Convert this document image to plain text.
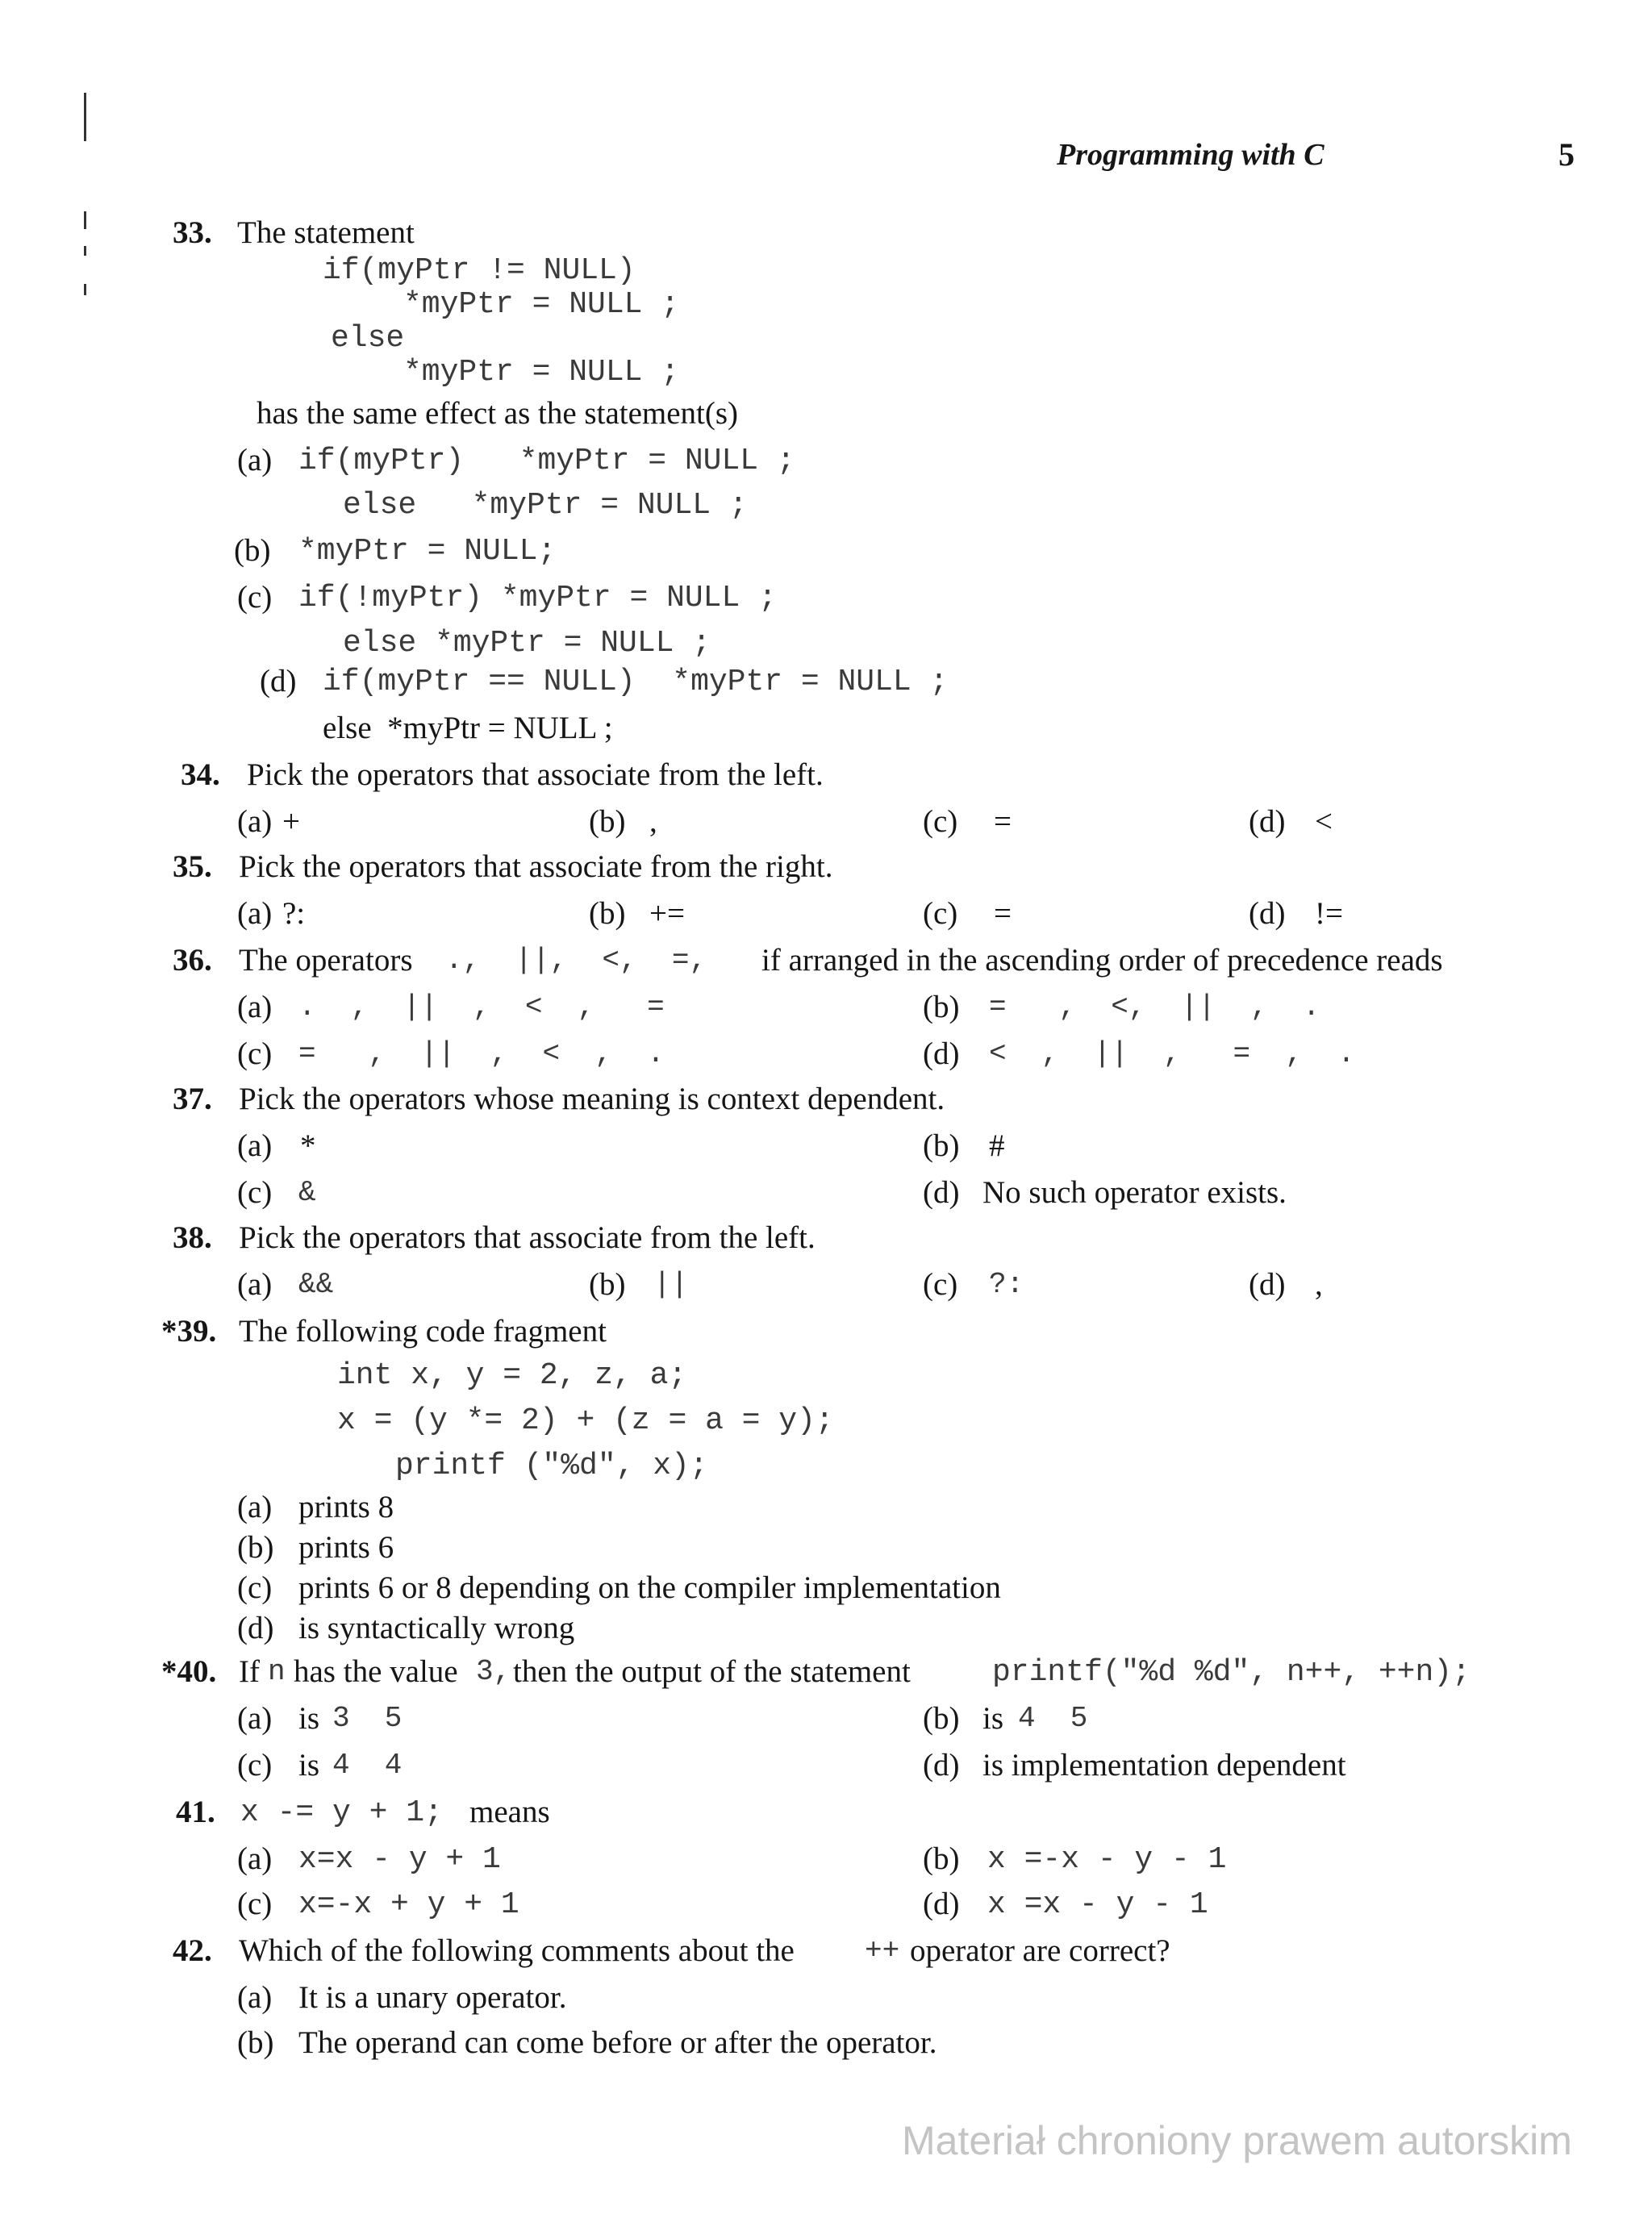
Programming with C	5
33. The statement
if(myPtr != NULL)
*myPtr = NULL ;
else
*myPtr = NULL ;
has the same effect as the statement(s)
(a) if(myPtr)   *myPtr = NULL ;
else   *myPtr = NULL ;
(b) *myPtr = NULL;
(c) if(!myPtr) *myPtr = NULL ;
else *myPtr = NULL ;
(d) if(myPtr == NULL)  *myPtr = NULL ;
else  *myPtr = NULL ;
34. Pick the operators that associate from the left.
(a) +	(b) ,	(c) =	(d) <
35. Pick the operators that associate from the right.
(a) ?:	(b) +=	(c) =	(d) !=
36. The operators .,  ||,  <,  =, if arranged in the ascending order of precedence reads
(a) .  ,  ||  ,  <  ,   =	(b) =   ,  <,  ||  ,  .
(c) =   ,  ||  ,  <  ,  .	(d) <  ,  ||  ,   =  ,  .
37. Pick the operators whose meaning is context dependent.
(a) *	(b) #
(c) &	(d) No such operator exists.
38. Pick the operators that associate from the left.
(a) &&	(b) ||	(c) ?:	(d) ,
*39. The following code fragment
int x, y = 2, z, a;
x = (y *= 2) + (z = a = y);
printf ("%d", x);
(a) prints 8
(b) prints 6
(c) prints 6 or 8 depending on the compiler implementation
(d) is syntactically wrong
*40. If n has the value 3, then the output of the statement	printf("%d %d", n++, ++n);
(a) is 3  5	(b) is 4  5
(c) is 4  4	(d) is implementation dependent
41. x -= y + 1; means
(a) x=x - y + 1	(b) x =-x - y - 1
(c) x=-x + y + 1	(d) x =x - y - 1
42. Which of the following comments about the ++ operator are correct?
(a) It is a unary operator.
(b) The operand can come before or after the operator.
Materiał chroniony prawem autorskim
